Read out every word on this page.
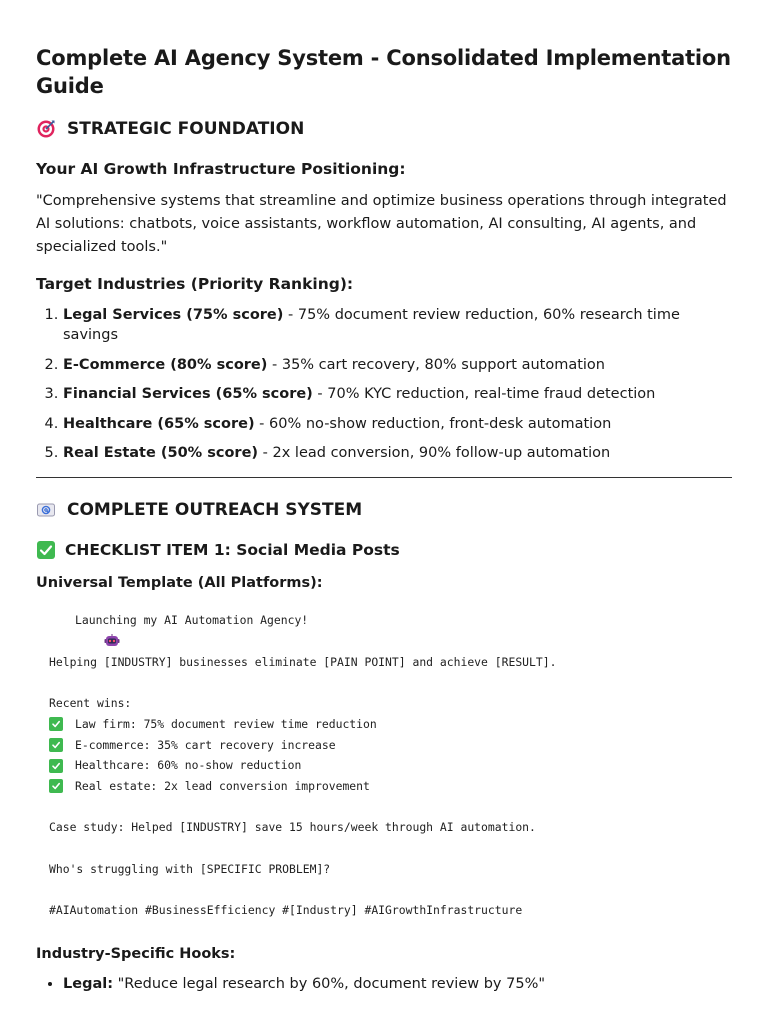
Complete AI Agency System - Consolidated Implementation Guide
STRATEGIC FOUNDATION
Your AI Growth Infrastructure Positioning:

"Comprehensive systems that streamline and optimize business operations through integrated AI solutions: chatbots, voice assistants, workflow automation, AI consulting, AI agents, and specialized tools."

Target Industries (Priority Ranking):
1. Legal Services (75% score) - 75% document review reduction, 60% research time savings
2. E-Commerce (80% score) - 35% cart recovery, 80% support automation
3. Financial Services (65% score) - 70% KYC reduction, real-time fraud detection
4. Healthcare (65% score) - 60% no-show reduction, front-desk automation
5. Real Estate (50% score) - 2x lead conversion, 90% follow-up automation
COMPLETE OUTREACH SYSTEM
CHECKLIST ITEM 1: Social Media Posts
Universal Template (All Platforms):

Launching my AI Automation Agency!
Helping [INDUSTRY] businesses eliminate [PAIN POINT] and achieve [RESULT].
Recent wins:
Law firm: 75% document review time reduction
E-commerce: 35% cart recovery increase
Healthcare: 60% no-show reduction
Real estate: 2x lead conversion improvement
Case study: Helped [INDUSTRY] save 15 hours/week through AI automation.
Who's struggling with [SPECIFIC PROBLEM]?
#AIAutomation #BusinessEfficiency #[Industry] #AIGrowthInfrastructure
Industry-Specific Hooks:
• Legal: "Reduce legal research by 60%, document review by 75%"
